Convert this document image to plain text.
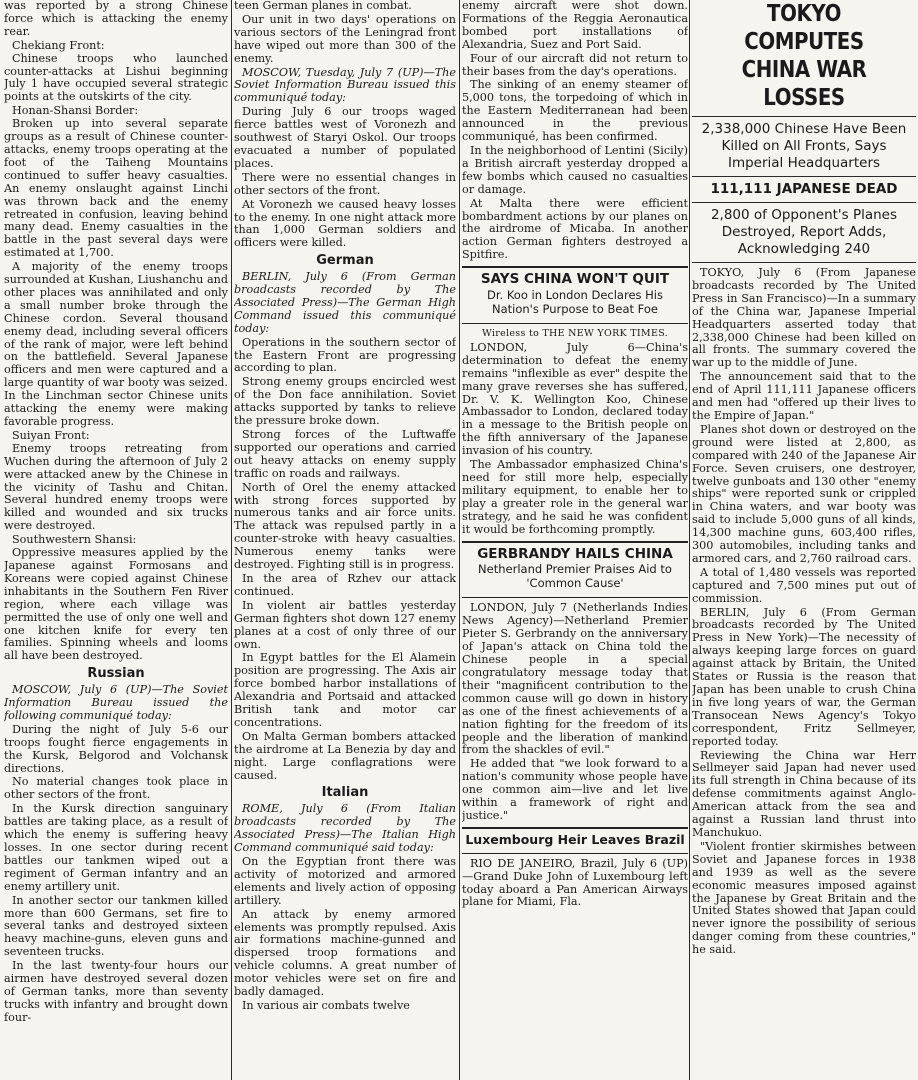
was reported by a strong Chinese force which is attacking the enemy rear.

Chekiang Front:

Chinese troops who launched counter-attacks at Lishui beginning July 1 have occupied several strategic points at the outskirts of the city.

Honan-Shansi Border:

Broken up into several separate groups as a result of Chinese counter-attacks, enemy troops operating at the foot of the Taiheng Mountains continued to suffer heavy casualties. An enemy onslaught against Linchi was thrown back and the enemy retreated in confusion, leaving behind many dead. Enemy casualties in the battle in the past several days were estimated at 1,700.

A majority of the enemy troops surrounded at Kushan, Liushanchu and other places was annihilated and only a small number broke through the Chinese cordon. Several thousand enemy dead, including several officers of the rank of major, were left behind on the battlefield. Several Japanese officers and men were captured and a large quantity of war booty was seized. In the Linchman sector Chinese units attacking the enemy were making favorable progress.

Suiyan Front:

Enemy troops retreating from Wuchen during the afternoon of July 2 were attacked anew by the Chinese in the vicinity of Tashu and Chitan. Several hundred enemy troops were killed and wounded and six trucks were destroyed.

Southwestern Shansi:

Oppressive measures applied by the Japanese against Formosans and Koreans were copied against Chinese inhabitants in the Southern Fen River region, where each village was permitted the use of only one well and one kitchen knife for every ten families. Spinning wheels and looms all have been destroyed.

Russian

MOSCOW, July 6 (UP)—The Soviet Information Bureau issued the following communiqué today:

During the night of July 5-6 our troops fought fierce engagements in the Kursk, Belgorod and Volchansk directions.

No material changes took place in other sectors of the front.

In the Kursk direction sanguinary battles are taking place, as a result of which the enemy is suffering heavy losses. In one sector during recent battles our tankmen wiped out a regiment of German infantry and an enemy artillery unit.

In another sector our tankmen killed more than 600 Germans, set fire to several tanks and destroyed sixteen heavy machine-guns, eleven guns and seventeen trucks.

In the last twenty-four hours our airmen have destroyed several dozen of German tanks, more than seventy trucks with infantry and brought down four-

teen German planes in combat.

Our unit in two days' operations on various sectors of the Leningrad front have wiped out more than 300 of the enemy.

MOSCOW, Tuesday, July 7 (UP)—The Soviet Information Bureau issued this communiqué today:

During July 6 our troops waged fierce battles west of Voronezh and southwest of Staryi Oskol. Our troops evacuated a number of populated places.

There were no essential changes in other sectors of the front.

At Voronezh we caused heavy losses to the enemy. In one night attack more than 1,000 German soldiers and officers were killed.

German

BERLIN, July 6 (From German broadcasts recorded by The Associated Press)—The German High Command issued this communiqué today:

Operations in the southern sector of the Eastern Front are progressing according to plan.

Strong enemy groups encircled west of the Don face annihilation. Soviet attacks supported by tanks to relieve the pressure broke down.

Strong forces of the Luftwaffe supported our operations and carried out heavy attacks on enemy supply traffic on roads and railways.

North of Orel the enemy attacked with strong forces supported by numerous tanks and air force units. The attack was repulsed partly in a counter-stroke with heavy casualties. Numerous enemy tanks were destroyed. Fighting still is in progress.

In the area of Rzhev our attack continued.

In violent air battles yesterday German fighters shot down 127 enemy planes at a cost of only three of our own.

In Egypt battles for the El Alamein position are progressing. The Axis air force bombed harbor installations of Alexandria and Portsaid and attacked British tank and motor car concentrations.

On Malta German bombers attacked the airdrome at La Benezia by day and night. Large conflagrations were caused.

Italian

ROME, July 6 (From Italian broadcasts recorded by The Associated Press)—The Italian High Command communiqué said today:

On the Egyptian front there was activity of motorized and armored elements and lively action of opposing artillery.

An attack by enemy armored elements was promptly repulsed. Axis air formations machine-gunned and dispersed troop formations and vehicle columns. A great number of motor vehicles were set on fire and badly damaged.

In various air combats twelve

enemy aircraft were shot down. Formations of the Reggia Aeronautica bombed port installations of Alexandria, Suez and Port Said.

Four of our aircraft did not return to their bases from the day's operations.

The sinking of an enemy steamer of 5,000 tons, the torpedoing of which in the Eastern Mediterranean had been announced in the previous communiqué, has been confirmed.

In the neighborhood of Lentini (Sicily) a British aircraft yesterday dropped a few bombs which caused no casualties or damage.

At Malta there were efficient bombardment actions by our planes on the airdrome of Micaba. In another action German fighters destroyed a Spitfire.

SAYS CHINA WON'T QUIT
Dr. Koo in London Declares His Nation's Purpose to Beat Foe

Wireless to THE NEW YORK TIMES.

LONDON, July 6—China's determination to defeat the enemy remains "inflexible as ever" despite the many grave reverses she has suffered, Dr. V. K. Wellington Koo, Chinese Ambassador to London, declared today in a message to the British people on the fifth anniversary of the Japanese invasion of his country.

The Ambassador emphasized China's need for still more help, especially military equipment, to enable her to play a greater role in the general war strategy, and he said he was confident it would be forthcoming promptly.

GERBRANDY HAILS CHINA
Netherland Premier Praises Aid to 'Common Cause'

LONDON, July 7 (Netherlands Indies News Agency)—Netherland Premier Pieter S. Gerbrandy on the anniversary of Japan's attack on China told the Chinese people in a special congratulatory message today that their "magnificent contribution to the common cause will go down in history as one of the finest achievements of a nation fighting for the freedom of its people and the liberation of mankind from the shackles of evil."

He added that "we look forward to a nation's community whose people have one common aim—live and let live within a framework of right and justice."

Luxembourg Heir Leaves Brazil

RIO DE JANEIRO, Brazil, July 6 (UP)—Grand Duke John of Luxembourg left today aboard a Pan American Airways plane for Miami, Fla.

TOKYO COMPUTES CHINA WAR LOSSES
2,338,000 Chinese Have Been Killed on All Fronts, Says Imperial Headquarters
111,111 JAPANESE DEAD
2,800 of Opponent's Planes Destroyed, Report Adds, Acknowledging 240

TOKYO, July 6 (From Japanese broadcasts recorded by The United Press in San Francisco)—In a summary of the China war, Japanese Imperial Headquarters asserted today that 2,338,000 Chinese had been killed on all fronts. The summary covered the war up to the middle of June.

The announcement said that to the end of April 111,111 Japanese officers and men had "offered up their lives to the Empire of Japan."

Planes shot down or destroyed on the ground were listed at 2,800, as compared with 240 of the Japanese Air Force. Seven cruisers, one destroyer, twelve gunboats and 130 other "enemy ships" were reported sunk or crippled in China waters, and war booty was said to include 5,000 guns of all kinds, 14,300 machine guns, 603,400 rifles, 300 automobiles, including tanks and armored cars, and 2,760 railroad cars.

A total of 1,480 vessels was reported captured and 7,500 mines put out of commission.

BERLIN, July 6 (From German broadcasts recorded by The United Press in New York)—The necessity of always keeping large forces on guard against attack by Britain, the United States or Russia is the reason that Japan has been unable to crush China in five long years of war, the German Transocean News Agency's Tokyo correspondent, Fritz Sellmeyer, reported today.

Reviewing the China war Herr Sellmeyer said Japan had never used its full strength in China because of its defense commitments against Anglo-American attack from the sea and against a Russian land thrust into Manchukuo.

"Violent frontier skirmishes between Soviet and Japanese forces in 1938 and 1939 as well as the severe economic measures imposed against the Japanese by Great Britain and the United States showed that Japan could never ignore the possibility of serious danger coming from these countries," he said.
